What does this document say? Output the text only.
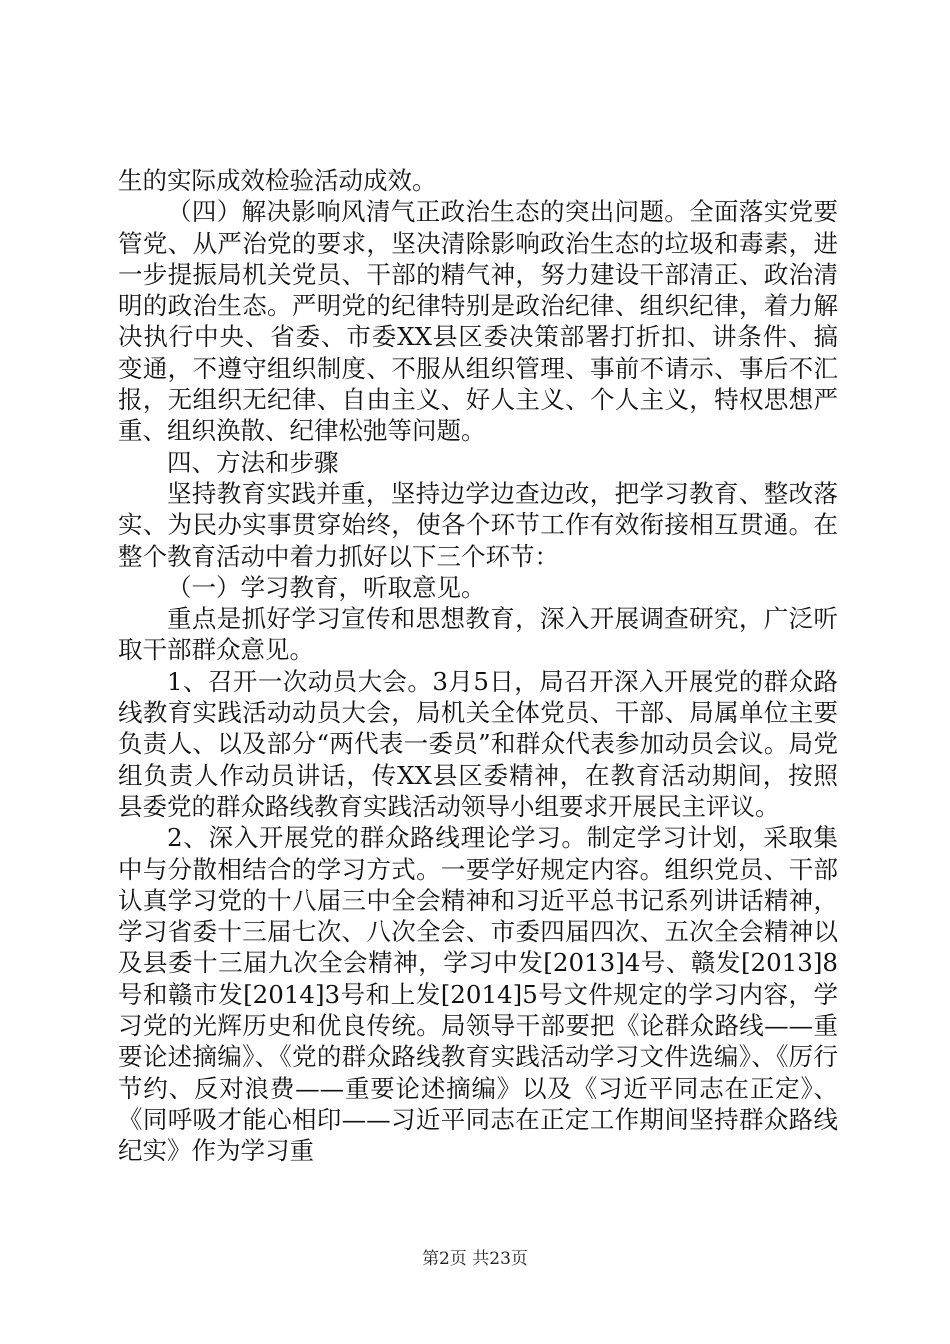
生的实际成效检验活动成效。

（四）解决影响风清气正政治生态的突出问题。全面落实党要管党、从严治党的要求，坚决清除影响政治生态的垃圾和毒素，进一步提振局机关党员、干部的精气神，努力建设干部清正、政治清明的政治生态。严明党的纪律特别是政治纪律、组织纪律，着力解决执行中央、省委、市委XX县区委决策部署打折扣、讲条件、搞变通，不遵守组织制度、不服从组织管理、事前不请示、事后不汇报，无组织无纪律、自由主义、好人主义、个人主义，特权思想严重、组织涣散、纪律松弛等问题。

四、方法和步骤

坚持教育实践并重，坚持边学边查边改，把学习教育、整改落实、为民办实事贯穿始终，使各个环节工作有效衔接相互贯通。在整个教育活动中着力抓好以下三个环节：

（一）学习教育，听取意见。

重点是抓好学习宣传和思想教育，深入开展调查研究，广泛听取干部群众意见。

1、召开一次动员大会。3月5日，局召开深入开展党的群众路线教育实践活动动员大会，局机关全体党员、干部、局属单位主要负责人、以及部分“两代表一委员”和群众代表参加动员会议。局党组负责人作动员讲话，传XX县区委精神，在教育活动期间，按照县委党的群众路线教育实践活动领导小组要求开展民主评议。

2、深入开展党的群众路线理论学习。制定学习计划，采取集中与分散相结合的学习方式。一要学好规定内容。组织党员、干部认真学习党的十八届三中全会精神和习近平总书记系列讲话精神，学习省委十三届七次、八次全会、市委四届四次、五次全会精神以及县委十三届九次全会精神，学习中发[2013]4号、赣发[2013]8号和赣市发[2014]3号和上发[2014]5号文件规定的学习内容，学习党的光辉历史和优良传统。局领导干部要把《论群众路线——重要论述摘编》、《党的群众路线教育实践活动学习文件选编》、《厉行节约、反对浪费——重要论述摘编》以及《习近平同志在正定》、《同呼吸才能心相印——习近平同志在正定工作期间坚持群众路线纪实》作为学习重

第2页 共23页
